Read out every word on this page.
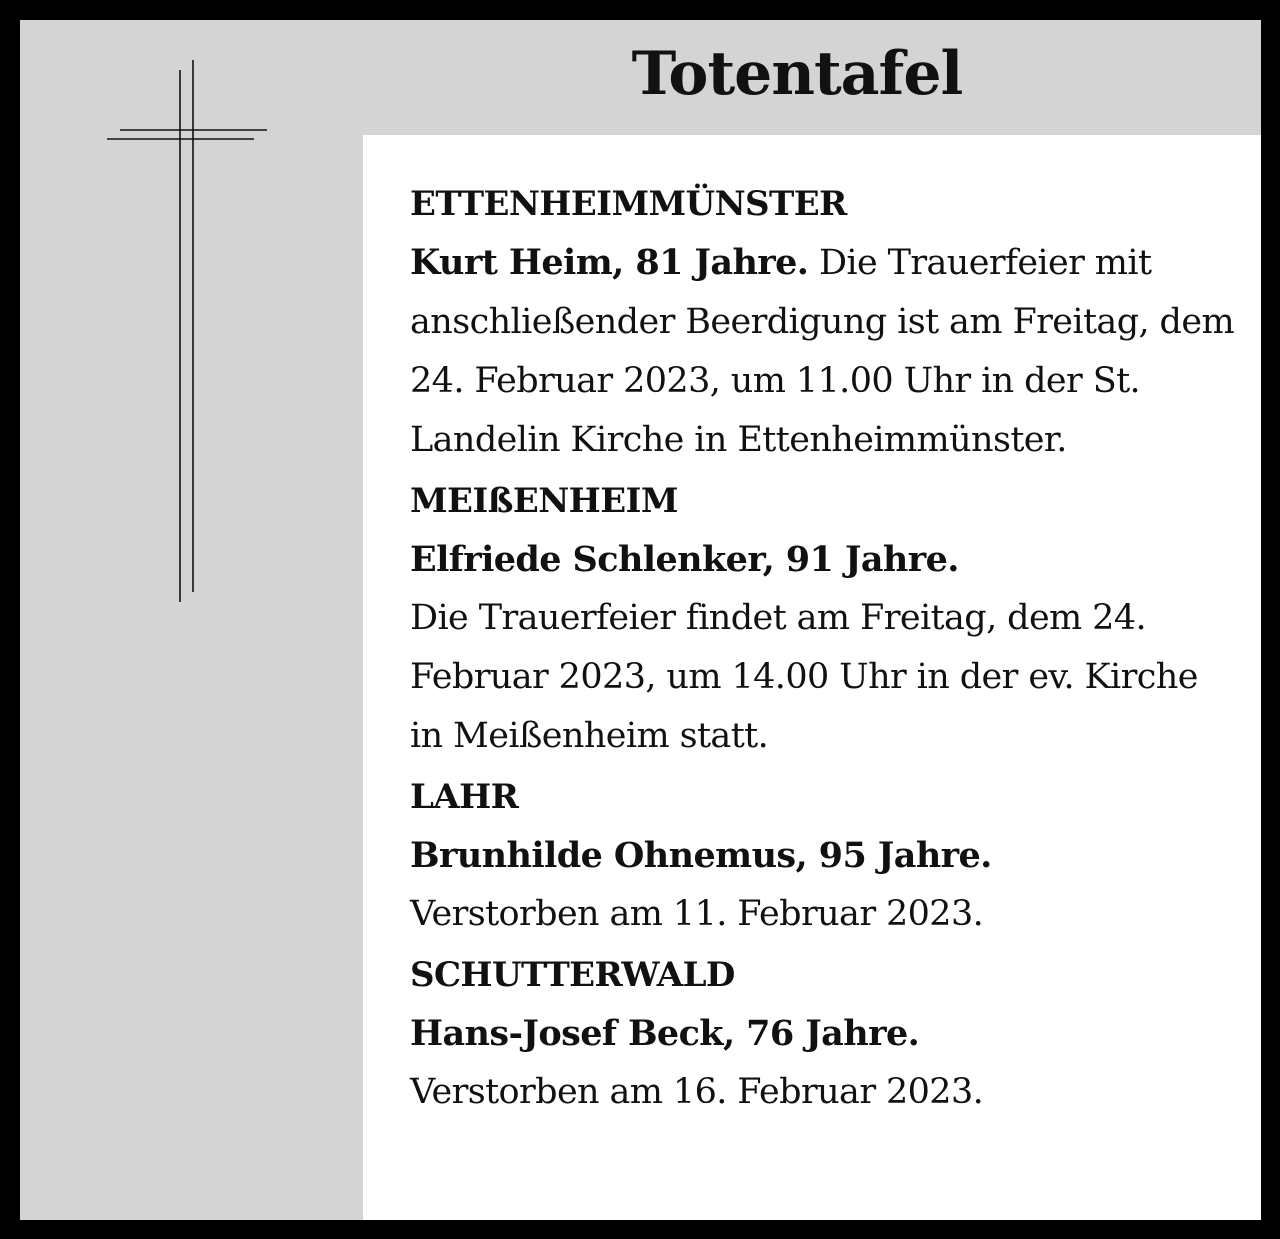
Totentafel
ETTENHEIMMÜNSTER
Kurt Heim, 81 Jahre. Die Trauerfeier mit anschließender Beerdigung ist am Freitag, dem 24. Februar 2023, um 11.00 Uhr in der St. Landelin Kirche in Ettenheimmünster.
MEIßENHEIM
Elfriede Schlenker, 91 Jahre.
Die Trauerfeier findet am Freitag, dem 24. Februar 2023, um 14.00 Uhr in der ev. Kirche in Meißenheim statt.
LAHR
Brunhilde Ohnemus, 95 Jahre.
Verstorben am 11. Februar 2023.
SCHUTTERWALD
Hans-Josef Beck, 76 Jahre.
Verstorben am 16. Februar 2023.
